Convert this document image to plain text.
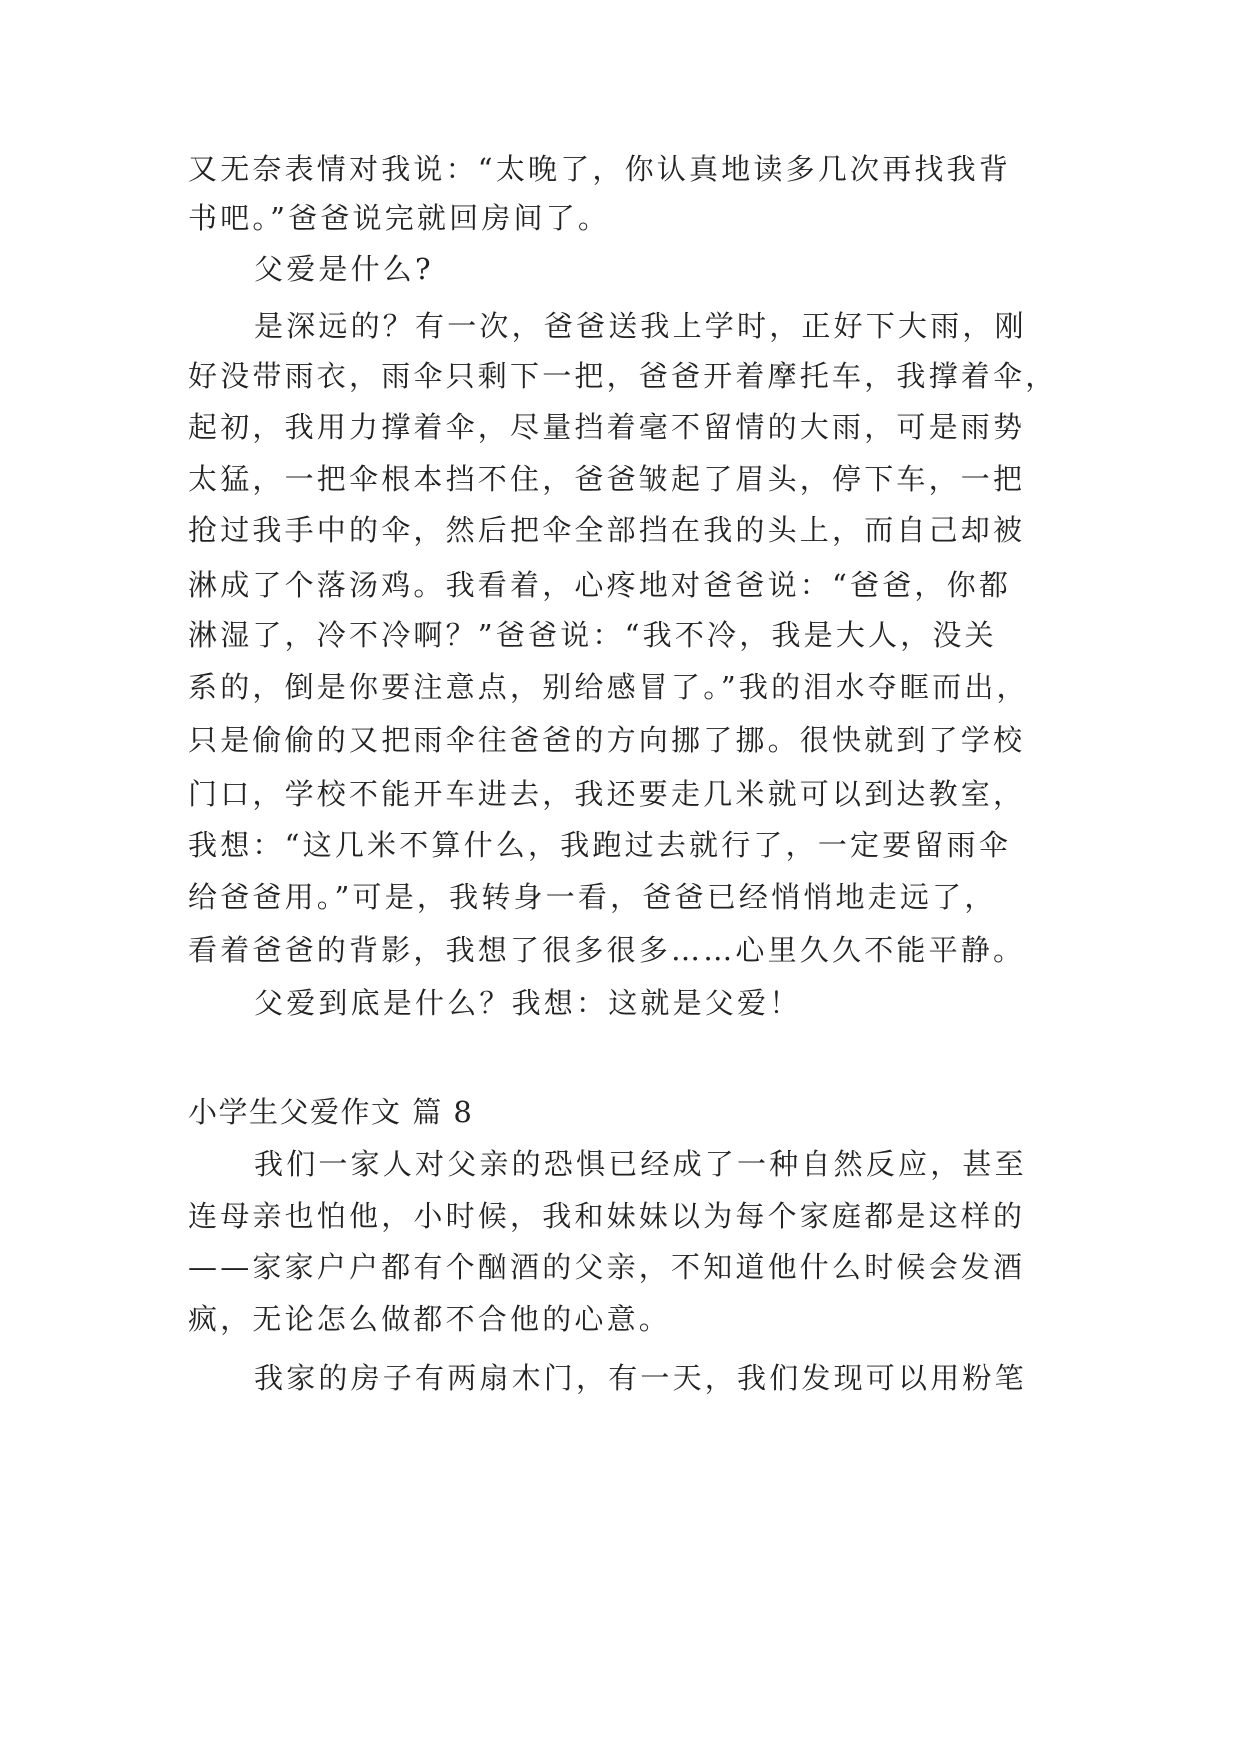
又无奈表情对我说：“太晚了，你认真地读多几次再找我背
书吧。”爸爸说完就回房间了。
父爱是什么?
是深远的？有一次，爸爸送我上学时，正好下大雨，刚
好没带雨衣，雨伞只剩下一把，爸爸开着摩托车，我撑着伞，
起初，我用力撑着伞，尽量挡着毫不留情的大雨，可是雨势
太猛，一把伞根本挡不住，爸爸皱起了眉头，停下车，一把
抢过我手中的伞，然后把伞全部挡在我的头上，而自己却被
淋成了个落汤鸡。我看着，心疼地对爸爸说：“爸爸，你都
淋湿了，冷不冷啊？”爸爸说：“我不冷，我是大人，没关
系的，倒是你要注意点，别给感冒了。”我的泪水夺眶而出，
只是偷偷的又把雨伞往爸爸的方向挪了挪。很快就到了学校
门口，学校不能开车进去，我还要走几米就可以到达教室，
我想：“这几米不算什么，我跑过去就行了，一定要留雨伞
给爸爸用。”可是，我转身一看，爸爸已经悄悄地走远了，
看着爸爸的背影，我想了很多很多……心里久久不能平静。
父爱到底是什么？我想：这就是父爱！
小学生父爱作文 篇 8
我们一家人对父亲的恐惧已经成了一种自然反应，甚至
连母亲也怕他，小时候，我和妹妹以为每个家庭都是这样的
——家家户户都有个酗酒的父亲，不知道他什么时候会发酒
疯，无论怎么做都不合他的心意。
我家的房子有两扇木门，有一天，我们发现可以用粉笔
